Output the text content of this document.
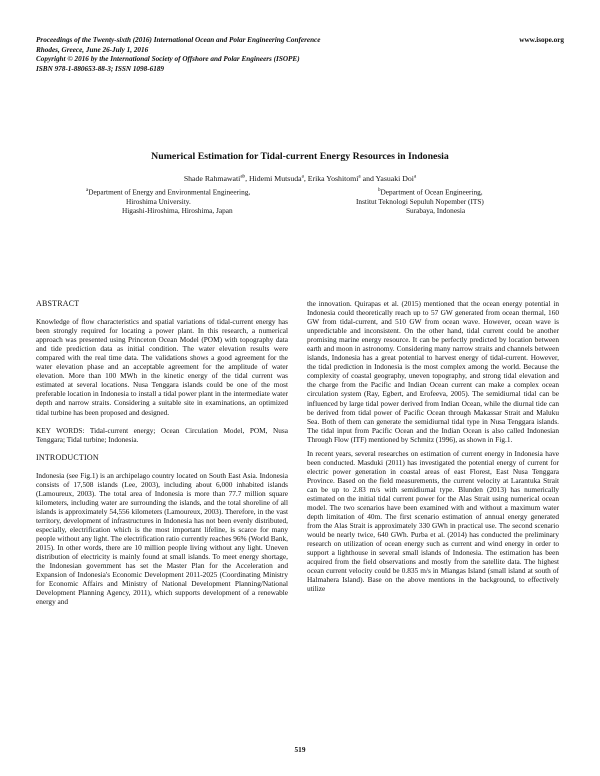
Proceedings of the Twenty-sixth (2016) International Ocean and Polar Engineering Conference
Rhodes, Greece, June 26-July 1, 2016
Copyright © 2016 by the International Society of Offshore and Polar Engineers (ISOPE)
ISBN 978-1-880653-88-3; ISSN 1098-6189
www.isope.org
Numerical Estimation for Tidal-current Energy Resources in Indonesia
Shade Rahmawati$^{ab}$, Hidemi Mutsuda$^a$, Erika Yoshitomi$^a$ and Yasuaki Doi$^a$
$^a$Department of Energy and Environmental Engineering,
Hiroshima University.
Higashi-Hiroshima, Hiroshima, Japan
$^b$Department of Ocean Engineering,
Institut Teknologi Sepuluh Nopember (ITS)
Surabaya, Indonesia
ABSTRACT

Knowledge of flow characteristics and spatial variations of tidal-current energy has been strongly required for locating a power plant. In this research, a numerical approach was presented using Princeton Ocean Model (POM) with topography data and tide prediction data as initial condition. The water elevation results were compared with the real time data. The validations shows a good agreement for the water elevation phase and an acceptable agreement for the amplitude of water elevation. More than 100 MWh in the kinetic energy of the tidal current was estimated at several locations. Nusa Tenggara islands could be one of the most preferable location in Indonesia to install a tidal power plant in the intermediate water depth and narrow straits. Considering a suitable site in examinations, an optimized tidal turbine has been proposed and designed.

KEY WORDS: Tidal-current energy; Ocean Circulation Model, POM, Nusa Tenggara; Tidal turbine; Indonesia.

INTRODUCTION

Indonesia (see Fig.1) is an archipelago country located on South East Asia. Indonesia consists of 17,508 islands (Lee, 2003), including about 6,000 inhabited islands (Lamoureux, 2003). The total area of Indonesia is more than 77.7 million square kilometers, including water are surrounding the islands, and the total shoreline of all islands is approximately 54,556 kilometers (Lamoureux, 2003). Therefore, in the vast territory, development of infrastructures in Indonesia has not been evenly distributed, especially, electrification which is the most important lifeline, is scarce for many people without any light. The electrification ratio currently reaches 96% (World Bank, 2015). In other words, there are 10 million people living without any light. Uneven distribution of electricity is mainly found at small islands. To meet energy shortage, the Indonesian government has set the Master Plan for the Acceleration and Expansion of Indonesia's Economic Development 2011-2025 (Coordinating Ministry for Economic Affairs and Ministry of National Development Planning/National Development Planning Agency, 2011), which supports development of a renewable energy and

the innovation. Quirapas et al. (2015) mentioned that the ocean energy potential in Indonesia could theoretically reach up to 57 GW generated from ocean thermal, 160 GW from tidal-current, and 510 GW from ocean wave. However, ocean wave is unpredictable and inconsistent. On the other hand, tidal current could be another promising marine energy resource. It can be perfectly predicted by location between earth and moon in astronomy. Considering many narrow straits and channels between islands, Indonesia has a great potential to harvest energy of tidal-current. However, the tidal prediction in Indonesia is the most complex among the world. Because the complexity of coastal geography, uneven topography, and strong tidal elevation and the charge from the Pacific and Indian Ocean current can make a complex ocean circulation system (Ray, Egbert, and Erofeeva, 2005). The semidiurnal tidal can be influenced by large tidal power derived from Indian Ocean, while the diurnal tide can be derived from tidal power of Pacific Ocean through Makassar Strait and Maluku Sea. Both of them can generate the semidiurnal tidal type in Nusa Tenggara islands. The tidal input from Pacific Ocean and the Indian Ocean is also called Indonesian Through Flow (ITF) mentioned by Schmitz (1996), as shown in Fig.1.

In recent years, several researches on estimation of current energy in Indonesia have been conducted. Masduki (2011) has investigated the potential energy of current for electric power generation in coastal areas of east Florest, East Nusa Tenggara Province. Based on the field measurements, the current velocity at Larantuka Strait can be up to 2.83 m/s with semidiurnal type. Blunden (2013) has numerically estimated on the initial tidal current power for the Alas Strait using numerical ocean model. The two scenarios have been examined with and without a maximum water depth limitation of 40m. The first scenario estimation of annual energy generated from the Alas Strait is approximately 330 GWh in practical use. The second scenario would be nearly twice, 640 GWh. Purba et al. (2014) has conducted the preliminary research on utilization of ocean energy such as current and wind energy in order to support a lighthouse in several small islands of Indonesia. The estimation has been acquired from the field observations and mostly from the satellite data. The highest ocean current velocity could be 0.835 m/s in Miangas Island (small island at south of Halmahera Island). Base on the above mentions in the background, to effectively utilize

519
